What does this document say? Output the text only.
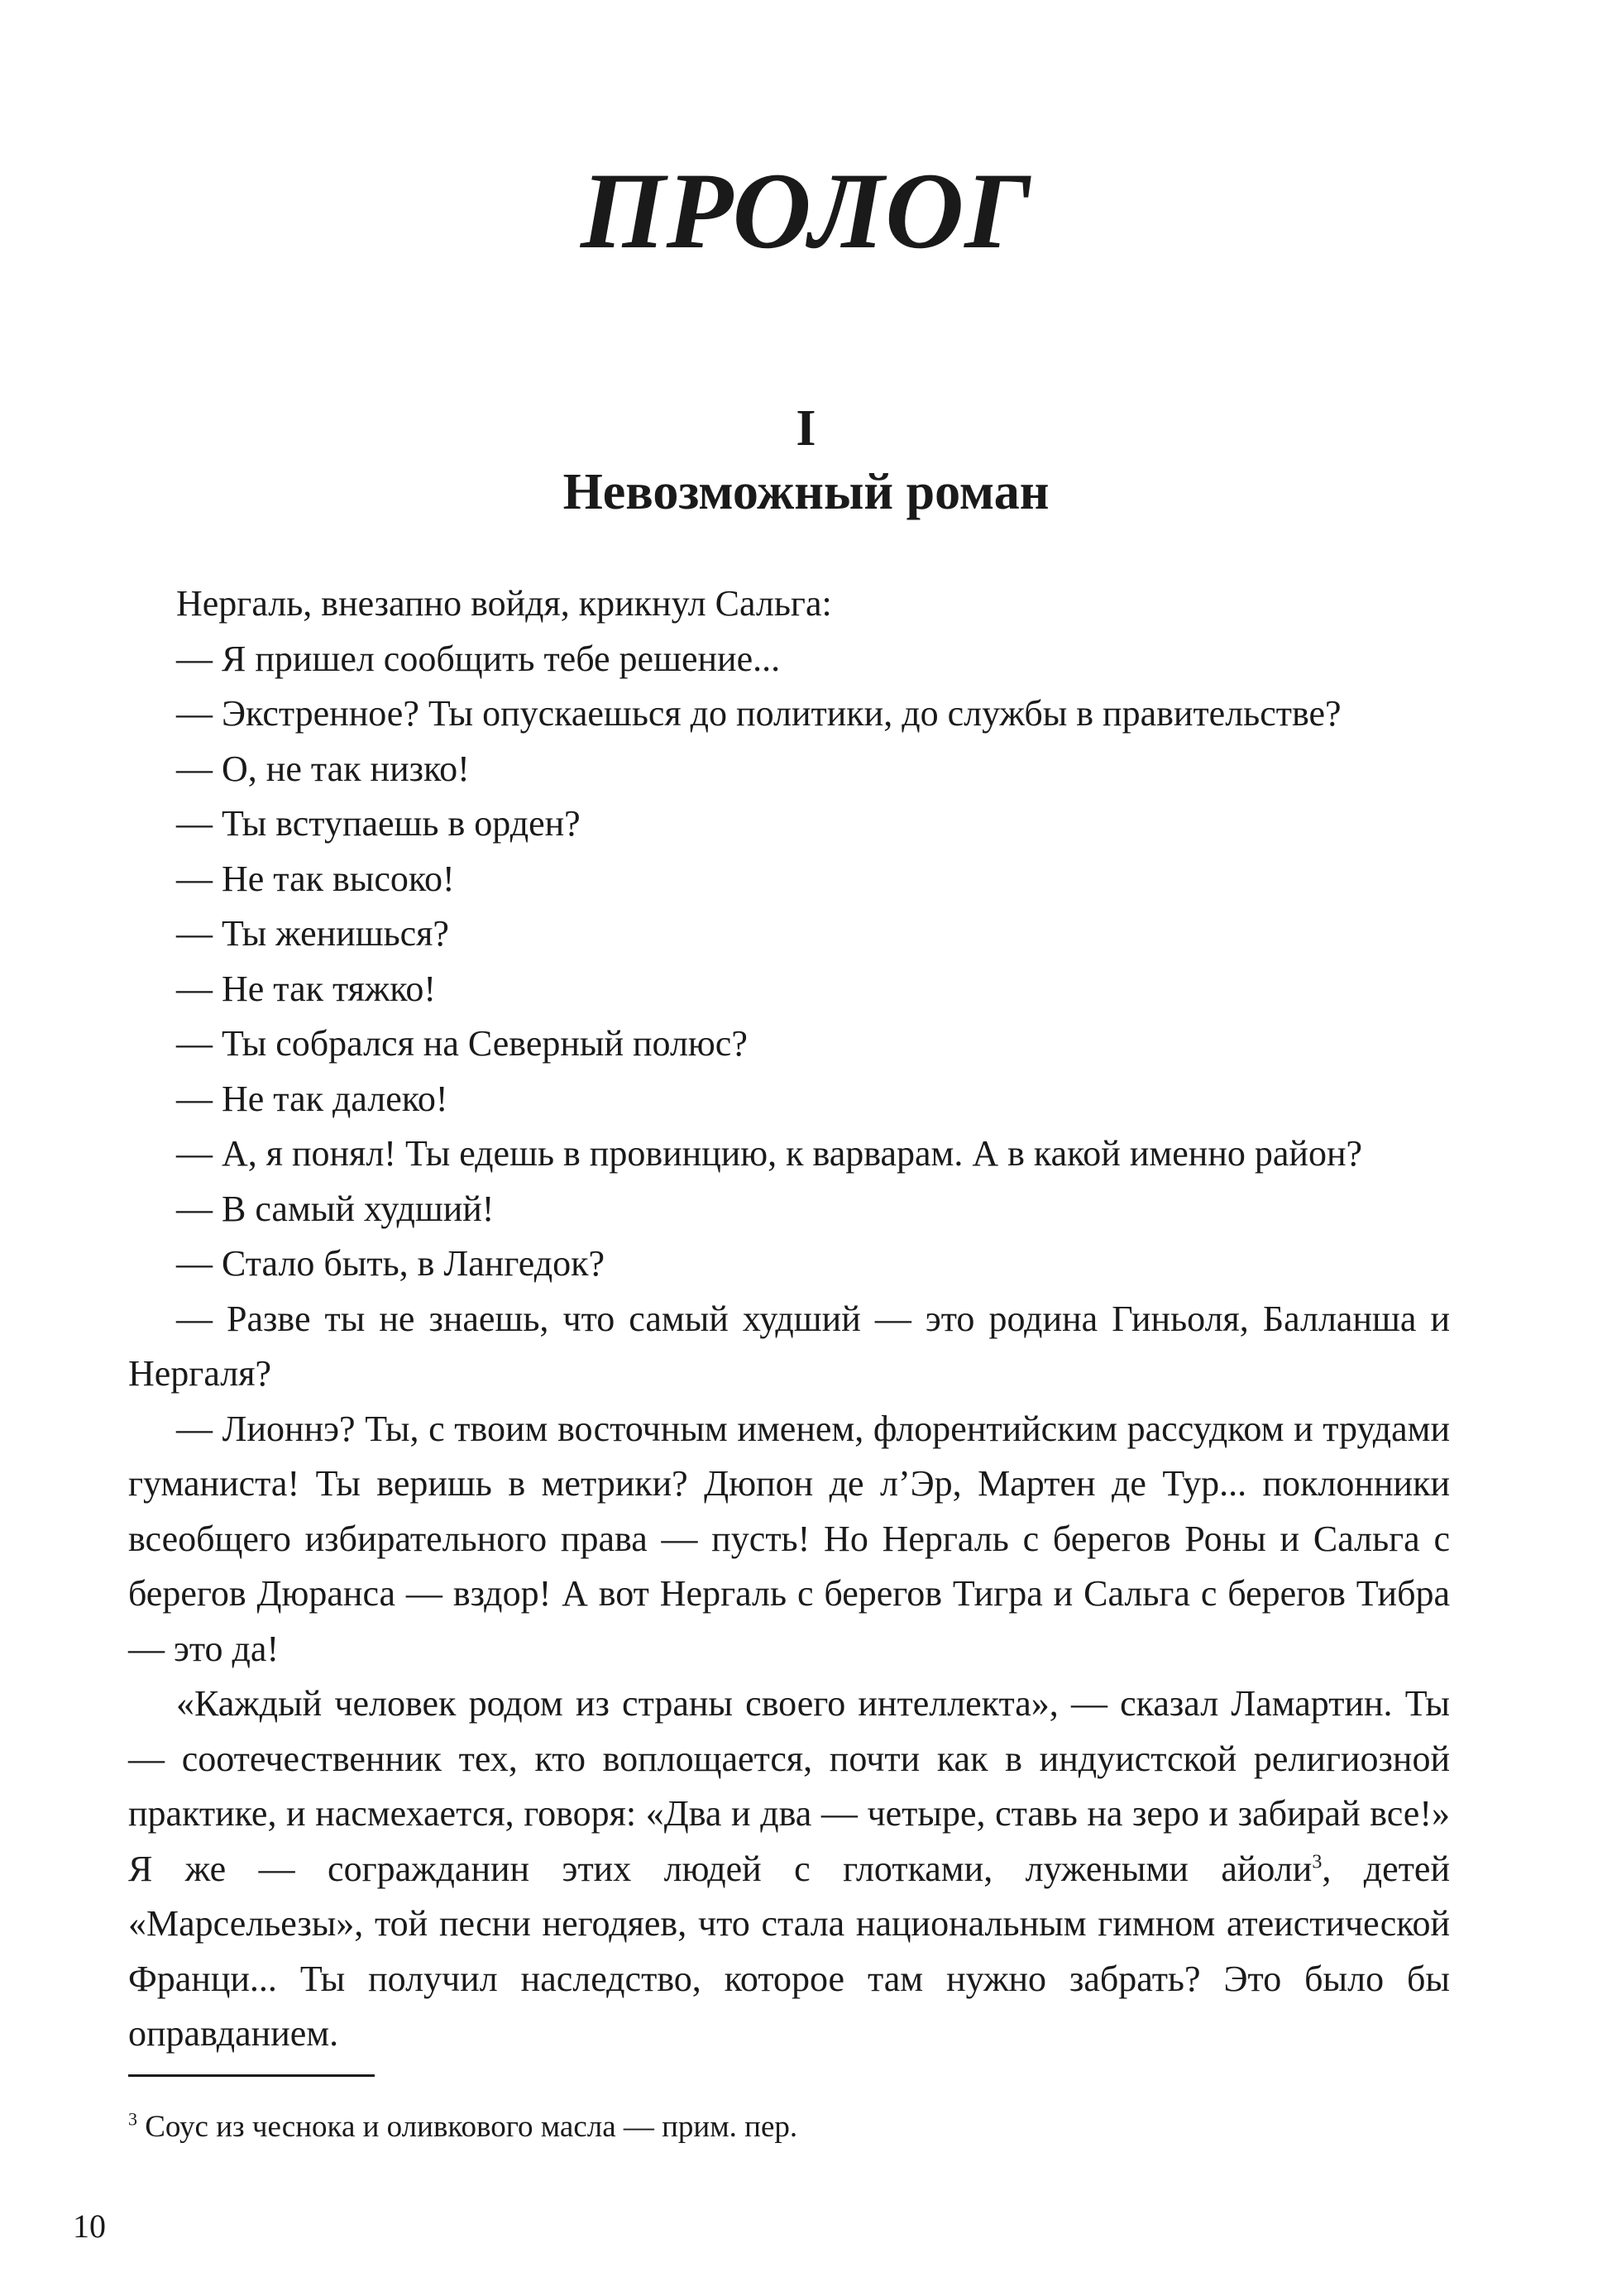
ПРОЛОГ
I
Невозможный роман

Нергаль, внезапно войдя, крикнул Сальга:

— Я пришел сообщить тебе решение...

— Экстренное? Ты опускаешься до политики, до службы в правительстве?

— О, не так низко!

— Ты вступаешь в орден?

— Не так высоко!

— Ты женишься?

— Не так тяжко!

— Ты собрался на Северный полюс?

— Не так далеко!

— А, я понял! Ты едешь в провинцию, к варварам. А в какой именно район?

— В самый худший!

— Стало быть, в Лангедок?

— Разве ты не знаешь, что самый худший — это родина Гиньоля, Балланша и Нергаля?

— Лионнэ? Ты, с твоим восточным именем, флорентийским рассудком и трудами гуманиста! Ты веришь в метрики? Дюпон де л’Эр, Мартен де Тур... поклонники всеобщего избирательного права — пусть! Но Нергаль с берегов Роны и Сальга с берегов Дюранса — вздор! А вот Нергаль с берегов Тигра и Сальга с берегов Тибра — это да!

«Каждый человек родом из страны своего интеллекта», — сказал Ламартин. Ты — соотечественник тех, кто воплощается, почти как в индуистской религиозной практике, и насмехается, говоря: «Два и два — четыре, ставь на зеро и забирай все!» Я же — согражданин этих людей с глотками, лужеными айоли$^3$, детей «Марсельезы», той песни негодяев, что стала национальным гимном атеистической Франци... Ты получил наследство, которое там нужно забрать? Это было бы оправданием.

$^3$ Соус из чеснока и оливкового масла — прим. пер.
10
